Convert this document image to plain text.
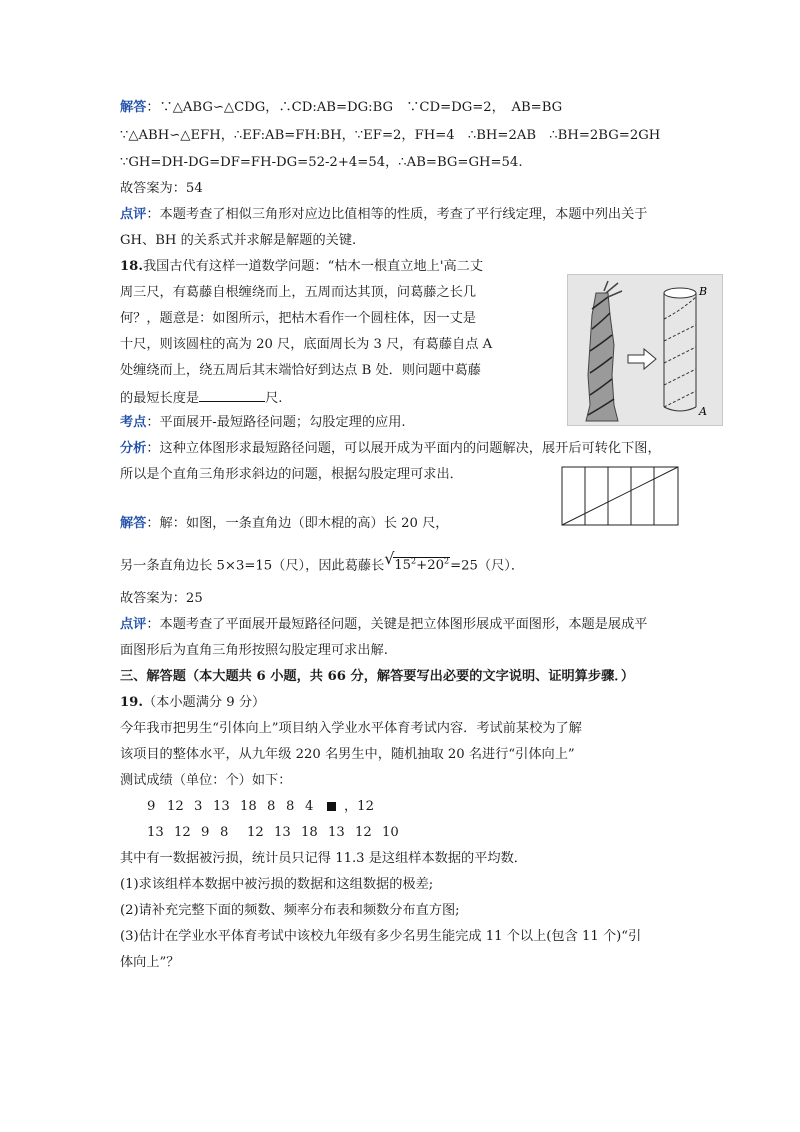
解答：∵△ABG∽△CDG，∴CD:AB=DG:BG　∵CD=DG=2，　AB=BG
∵△ABH∽△EFH，∴EF:AB=FH:BH，∵EF=2，FH=4　∴BH=2AB　∴BH=2BG=2GH
∵GH=DH-DG=DF=FH-DG=52-2+4=54，∴AB=BG=GH=54.
故答案为：54
点评：本题考查了相似三角形对应边比值相等的性质，考查了平行线定理，本题中列出关于
GH、BH 的关系式并求解是解题的关键.
18.我国古代有这样一道数学问题：“枯木一根直立地上'高二丈
周三尺，有葛藤自根缠绕而上，五周而达其顶，问葛藤之长几
何？，题意是：如图所示，把枯木看作一个圆柱体，因一丈是
十尺，则该圆柱的高为 20 尺，底面周长为 3 尺，有葛藤自点 A
处缠绕而上，绕五周后其末端恰好到达点 B 处．则问题中葛藤
的最短长度是	尺.
B
A
考点：平面展开-最短路径问题；勾股定理的应用.
分析：这种立体图形求最短路径问题，可以展开成为平面内的问题解决，展开后可转化下图，
所以是个直角三角形求斜边的问题，根据勾股定理可求出．
解答：解：如图，一条直角边（即木棍的高）长 20 尺，
另一条直角边长 5×3=15（尺），因此葛藤长 √ $15^2+20^2=25$（尺）．
故答案为：25
点评：本题考查了平面展开最短路径问题，关键是把立体图形展成平面图形，本题是展成平
面图形后为直角三角形按照勾股定理可求出解.
三、解答题（本大题共 6 小题，共 66 分，解答要写出必要的文字说明、证明算步骤．）
19.（本小题满分 9 分）
今年我市把男生“引体向上”项目纳入学业水平体育考试内容．考试前某校为了解
该项目的整体水平，从九年级 220 名男生中，随机抽取 20 名进行“引体向上”
测试成绩（单位：个）如下：
9 12 3 13 18 8 8 4 ，12
13 12 9 8 12 13 18 13 12 10
其中有一数据被污损，统计员只记得 11.3 是这组样本数据的平均数．
(1)求该组样本数据中被污损的数据和这组数据的极差;
(2)请补充完整下面的频数、频率分布表和频数分布直方图;
(3)估计在学业水平体育考试中该校九年级有多少名男生能完成 11 个以上(包含 11 个)“引
体向上”？
